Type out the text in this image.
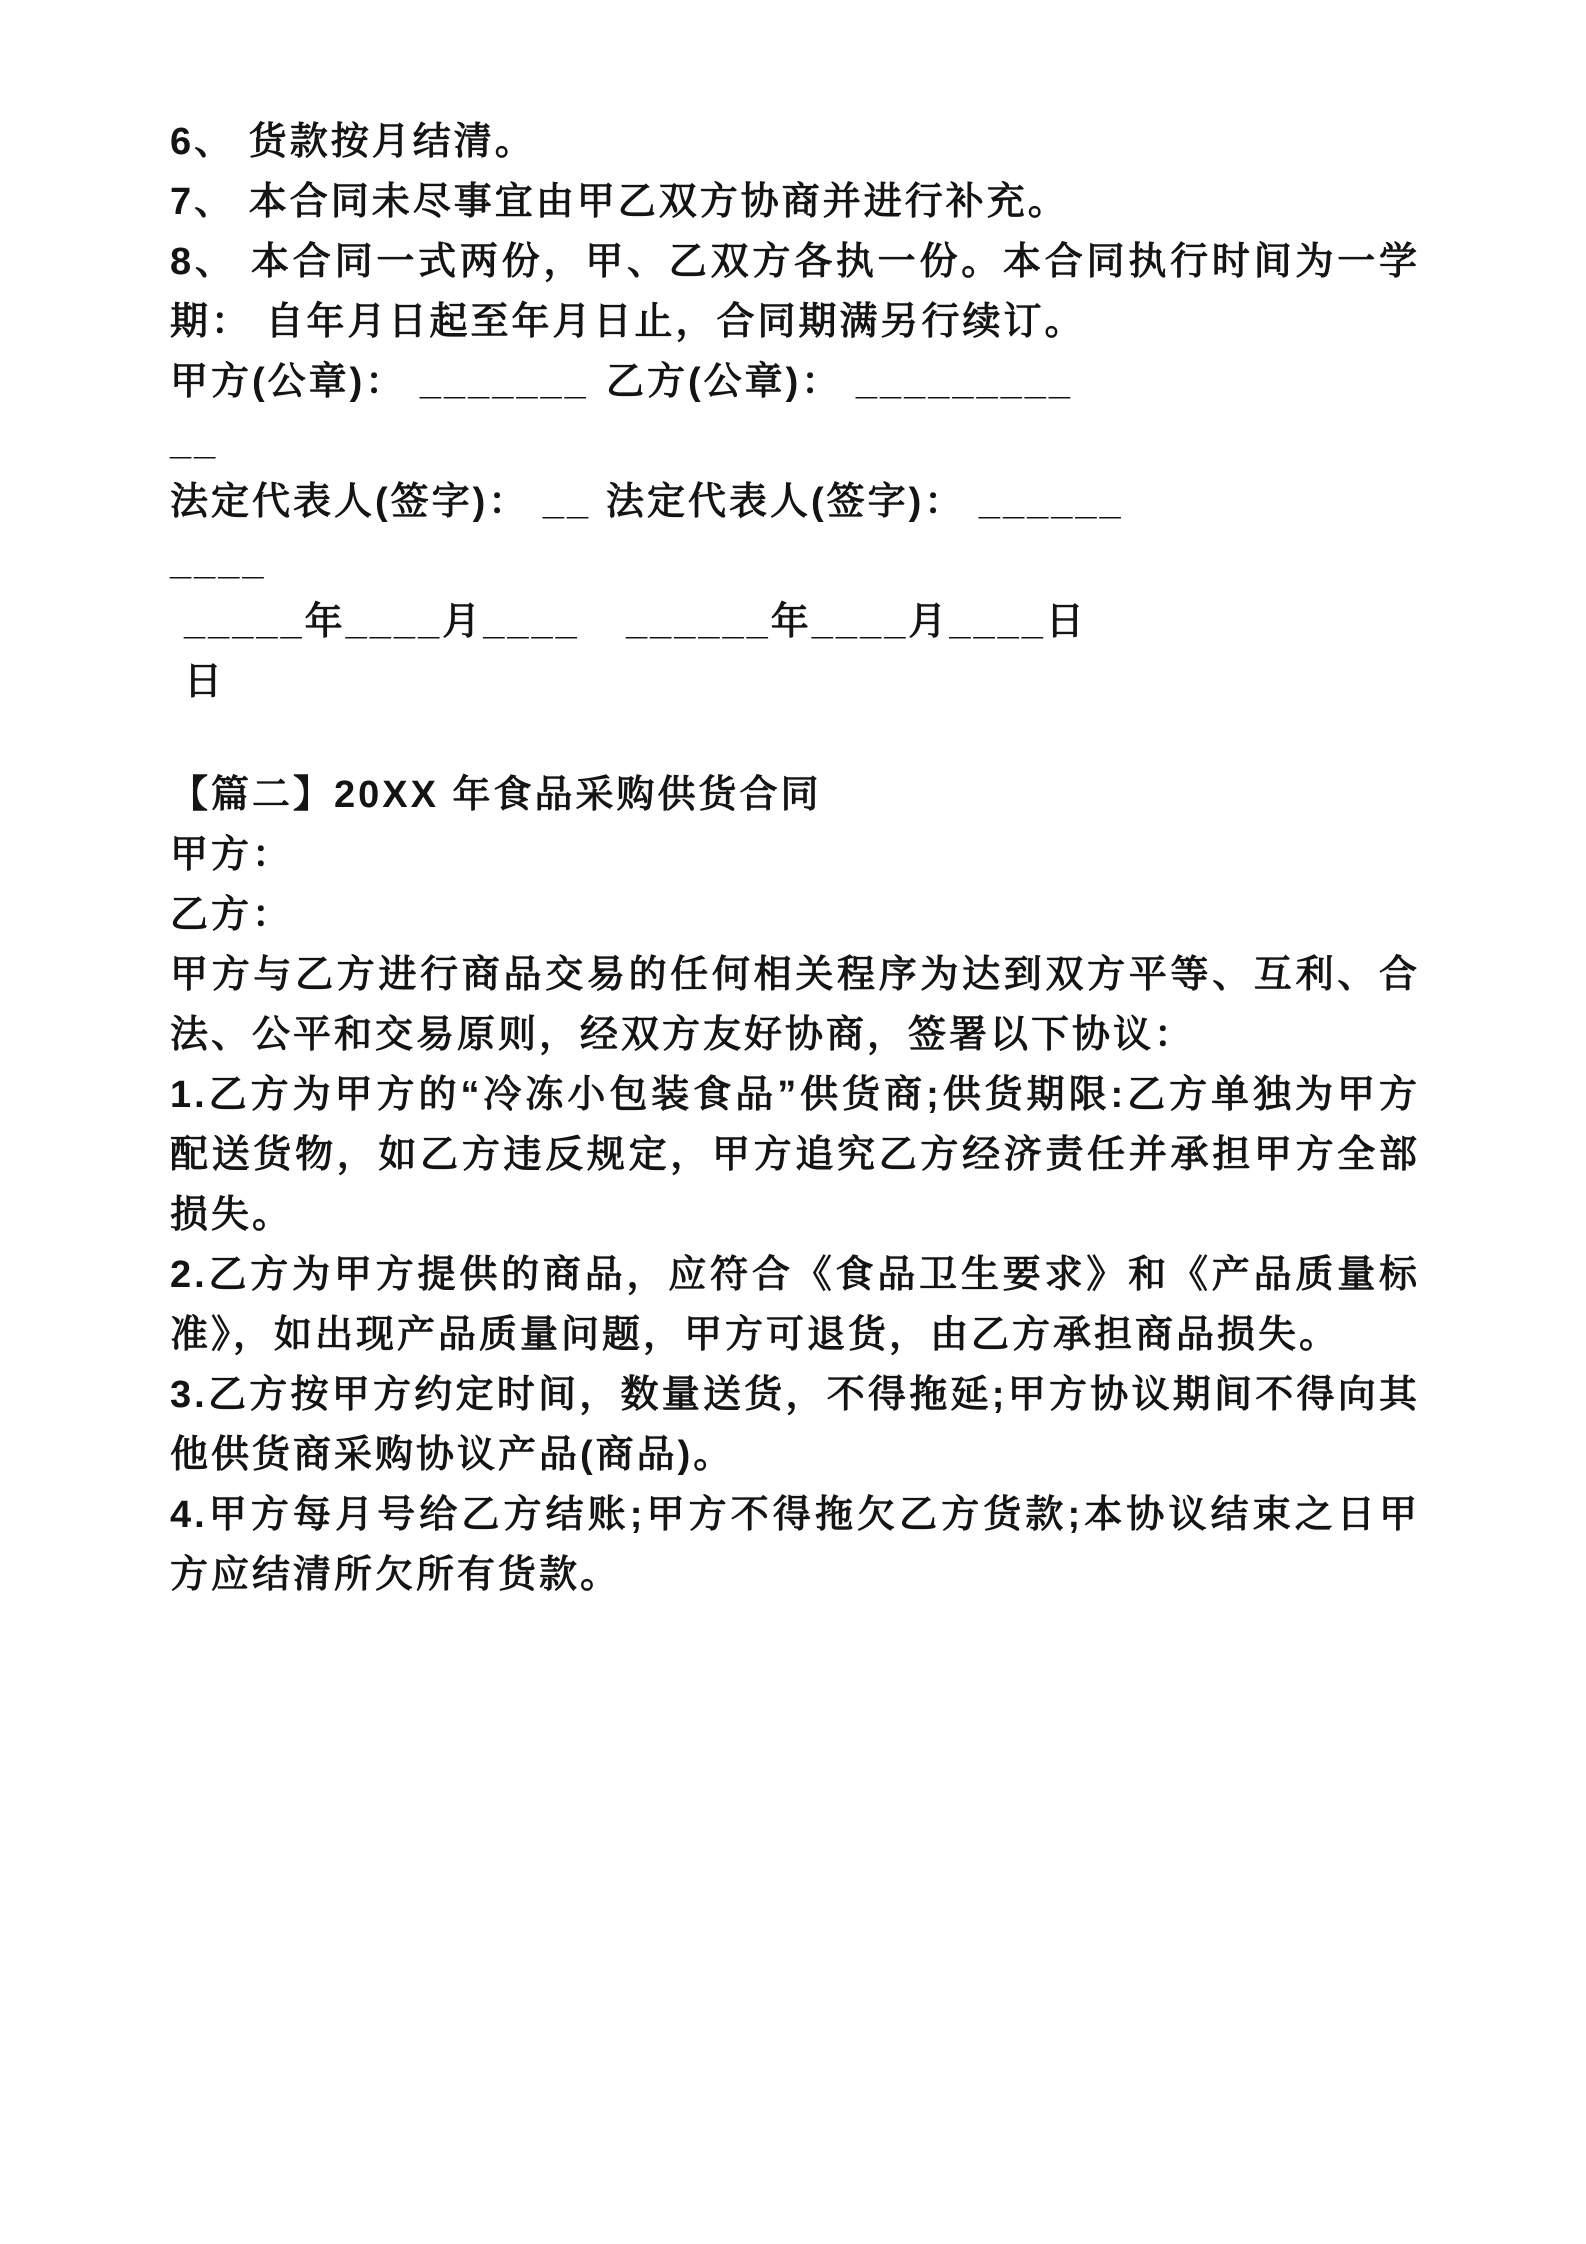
6、 货款按月结清。

7、 本合同未尽事宜由甲乙双方协商并进行补充。

8、 本合同一式两份，甲、乙双方各执一份。本合同执行时间为一学期： 自年月日起至年月日止，合同期满另行续订。

甲方(公章)： _________

乙方(公章)： _________

法定代表人(签字)： ______

法定代表人(签字)： ______

_____年____月____日

______年____月____日

【篇二】20XX 年食品采购供货合同

甲方：

乙方：

甲方与乙方进行商品交易的任何相关程序为达到双方平等、互利、合法、公平和交易原则，经双方友好协商，签署以下协议：

1.乙方为甲方的“冷冻小包装食品”供货商;供货期限:乙方单独为甲方配送货物，如乙方违反规定，甲方追究乙方经济责任并承担甲方全部损失。

2.乙方为甲方提供的商品，应符合《食品卫生要求》和《产品质量标准》，如出现产品质量问题，甲方可退货，由乙方承担商品损失。

3.乙方按甲方约定时间，数量送货，不得拖延;甲方协议期间不得向其他供货商采购协议产品(商品)。

4.甲方每月号给乙方结账;甲方不得拖欠乙方货款;本协议结束之日甲方应结清所欠所有货款。
